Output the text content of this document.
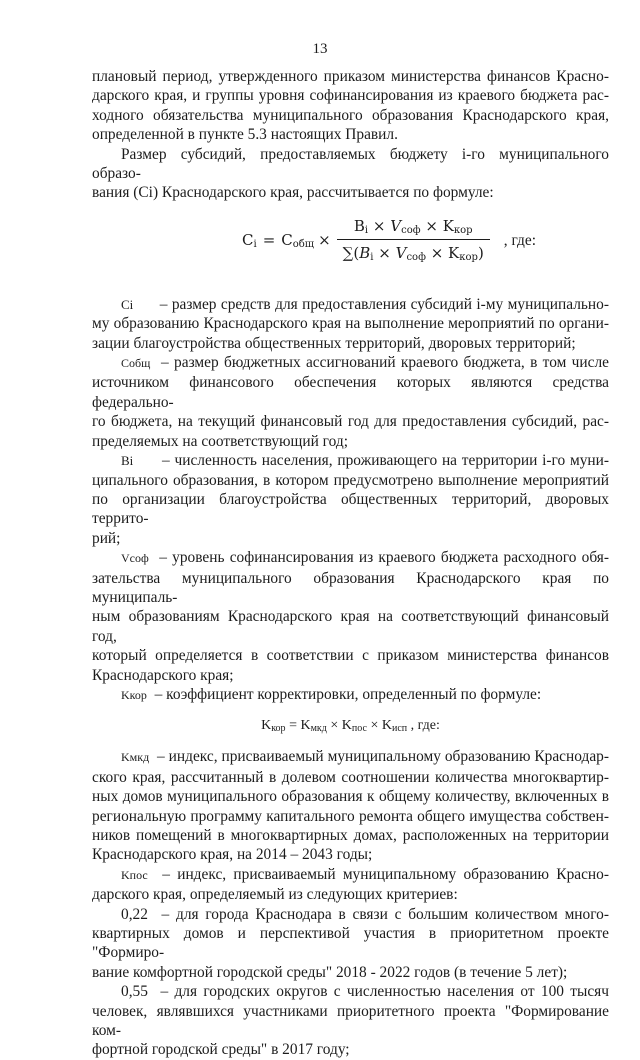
13

плановый период, утвержденного приказом министерства финансов Красно-

дарского края, и группы уровня софинансирования из краевого бюджета рас-

ходного обязательства муниципального образования Краснодарского края,

определенной в пункте 5.3 настоящих Правил.

Размер субсидий, предоставляемых бюджету i-го муниципального образо-

вания (Ci) Краснодарского края, рассчитывается по формуле:

$C_i = C_{общ}$ ×
$B_i \times V_{соф} \times K_{кор}$
$\sum(B_i \times V_{соф} \times K_{кор})$
, где:

Ci – размер средств для предоставления субсидий i-му муниципально-

му образованию Краснодарского края на выполнение мероприятий по органи-

зации благоустройства общественных территорий, дворовых территорий;

Cобщ – размер бюджетных ассигнований краевого бюджета, в том числе

источником финансового обеспечения которых являются средства федерально-

го бюджета, на текущий финансовый год для предоставления субсидий, рас-

пределяемых на соответствующий год;

Bi – численность населения, проживающего на территории i-го муни-

ципального образования, в котором предусмотрено выполнение мероприятий

по организации благоустройства общественных территорий, дворовых террито-

рий;

Vсоф – уровень софинансирования из краевого бюджета расходного обя-

зательства муниципального образования Краснодарского края по муниципаль-

ным образованиям Краснодарского края на соответствующий финансовый год,

который определяется в соответствии с приказом министерства финансов

Краснодарского края;

Kкор – коэффициент корректировки, определенный по формуле:

$K_{кор} = K_{мкд} \times K_{пос} \times K_{исп}$ , где:

Kмкд – индекс, присваиваемый муниципальному образованию Краснодар-

ского края, рассчитанный в долевом соотношении количества многоквартир-

ных домов муниципального образования к общему количеству, включенных в

региональную программу капитального ремонта общего имущества собствен-

ников помещений в многоквартирных домах, расположенных на территории

Краснодарского края, на 2014 – 2043 годы;

Kпос – индекс, присваиваемый муниципальному образованию Красно-

дарского края, определяемый из следующих критериев:

0,22 – для города Краснодара в связи с большим количеством много-

квартирных домов и перспективой участия в приоритетном проекте "Формиро-

вание комфортной городской среды" 2018 - 2022 годов (в течение 5 лет);

0,55 – для городских округов с численностью населения от 100 тысяч

человек, являвшихся участниками приоритетного проекта "Формирование ком-

фортной городской среды" в 2017 году;
